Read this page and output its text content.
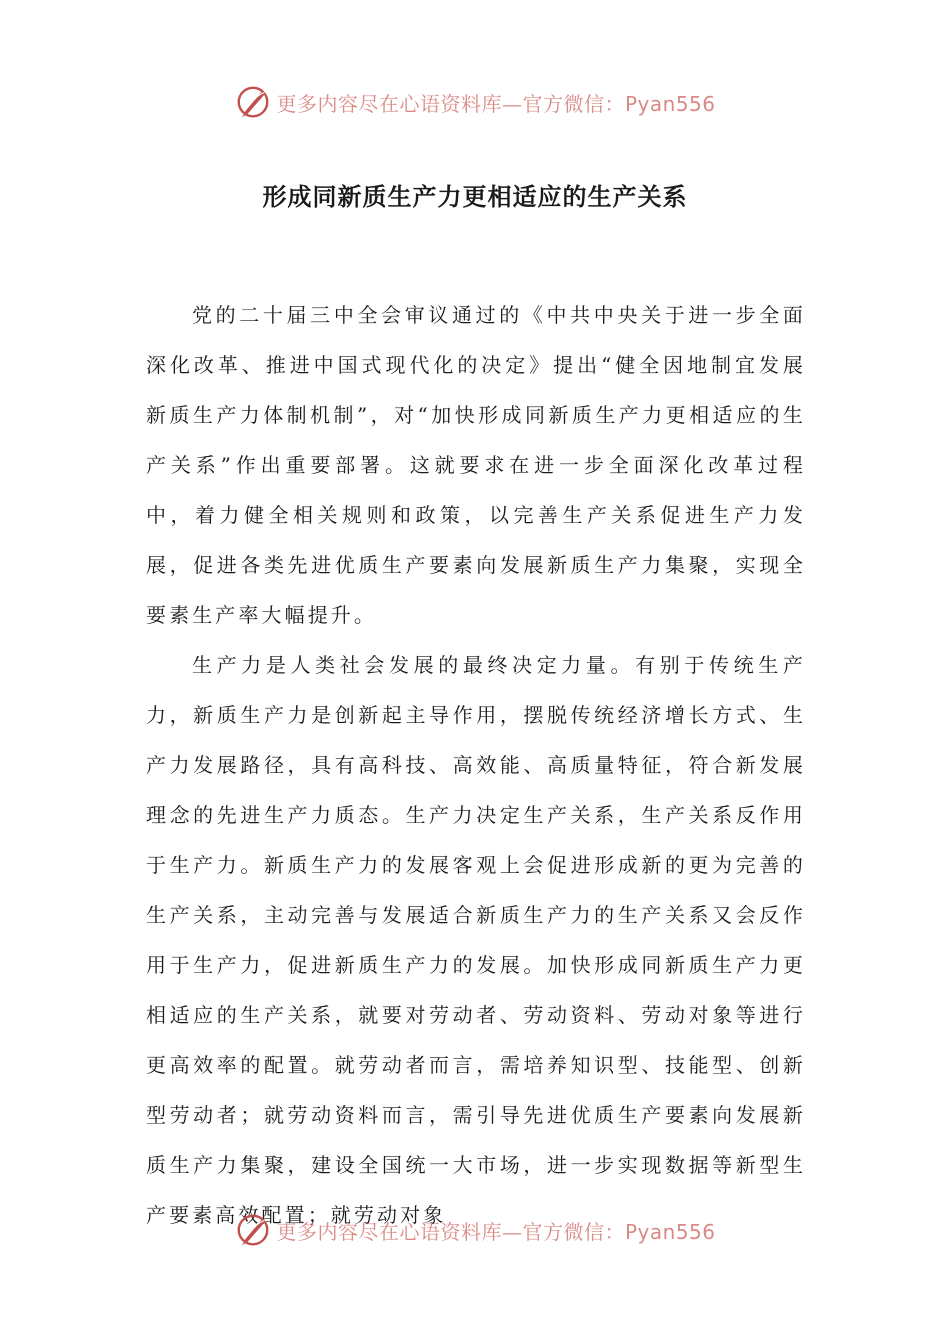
更多内容尽在心语资料库—官方微信：Pyan556
形成同新质生产力更相适应的生产关系

党的二十届三中全会审议通过的《中共中央关于进一步全面深化改革、推进中国式现代化的决定》提出“健全因地制宜发展新质生产力体制机制”，对“加快形成同新质生产力更相适应的生产关系”作出重要部署。这就要求在进一步全面深化改革过程中，着力健全相关规则和政策，以完善生产关系促进生产力发展，促进各类先进优质生产要素向发展新质生产力集聚，实现全要素生产率大幅提升。

生产力是人类社会发展的最终决定力量。有别于传统生产力，新质生产力是创新起主导作用，摆脱传统经济增长方式、生产力发展路径，具有高科技、高效能、高质量特征，符合新发展理念的先进生产力质态。生产力决定生产关系，生产关系反作用于生产力。新质生产力的发展客观上会促进形成新的更为完善的生产关系，主动完善与发展适合新质生产力的生产关系又会反作用于生产力，促进新质生产力的发展。加快形成同新质生产力更相适应的生产关系，就要对劳动者、劳动资料、劳动对象等进行更高效率的配置。就劳动者而言，需培养知识型、技能型、创新型劳动者；就劳动资料而言，需引导先进优质生产要素向发展新质生产力集聚，建设全国统一大市场，进一步实现数据等新型生产要素高效配置；就劳动对象

更多内容尽在心语资料库—官方微信：Pyan556
